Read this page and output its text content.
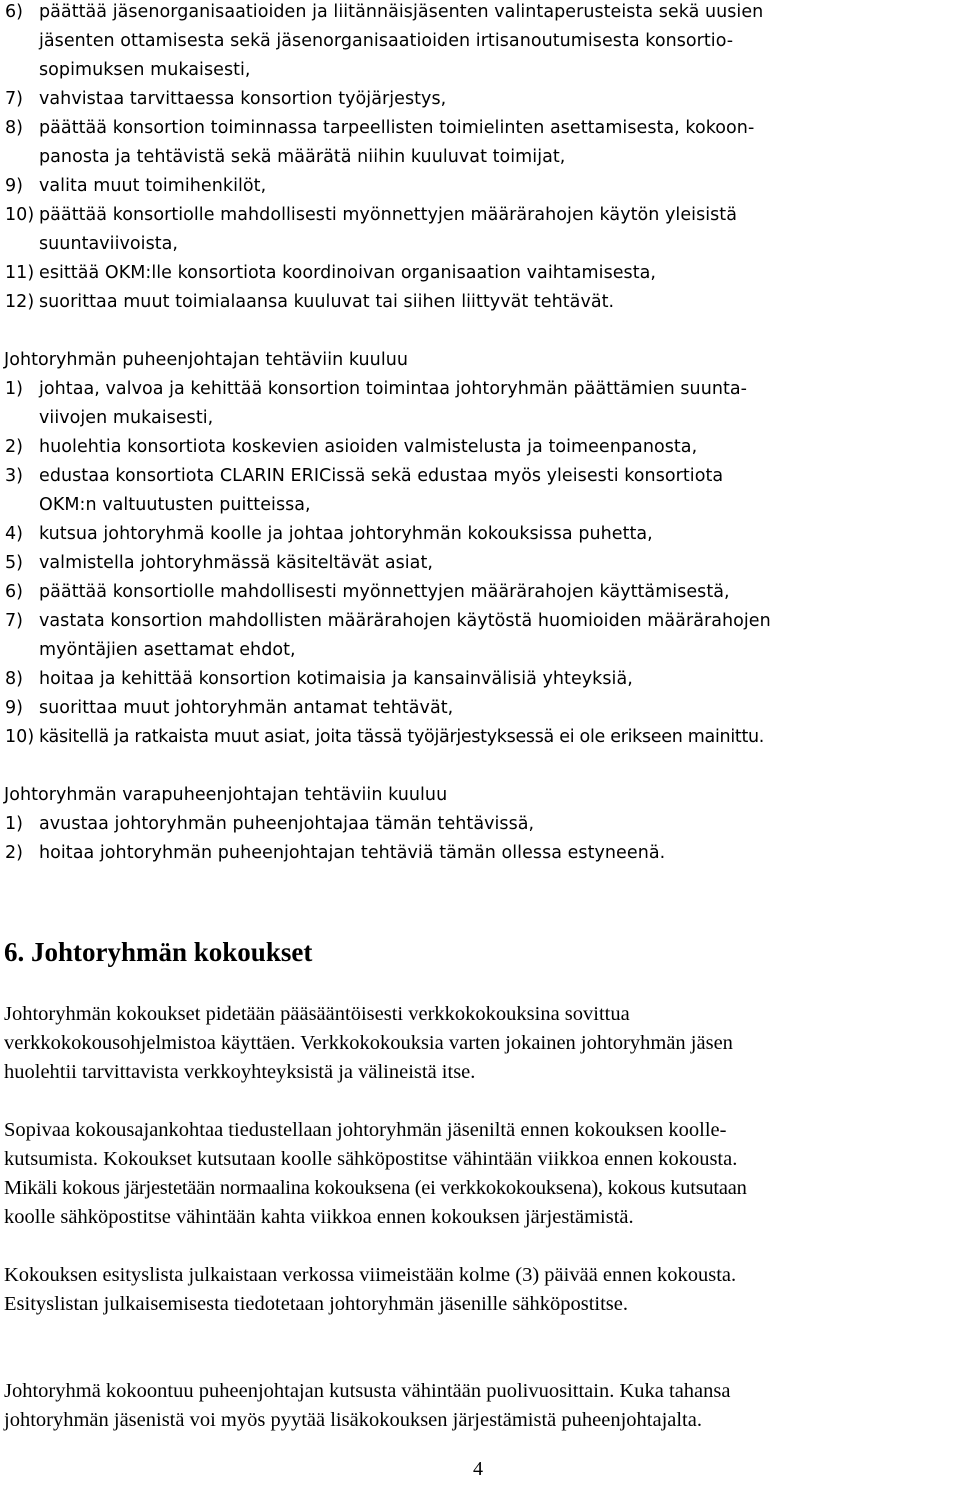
6) päättää jäsenorganisaatioiden ja liitännäisjäsenten valintaperusteista sekä uusien
jäsenten ottamisesta sekä jäsenorganisaatioiden irtisanoutumisesta konsortio-
sopimuksen mukaisesti,
7) vahvistaa tarvittaessa konsortion työjärjestys,
8) päättää konsortion toiminnassa tarpeellisten toimielinten asettamisesta, kokoon-
panosta ja tehtävistä sekä määrätä niihin kuuluvat toimijat,
9) valita muut toimihenkilöt,
10) päättää konsortiolle mahdollisesti myönnettyjen määrärahojen käytön yleisistä
suuntaviivoista,
11) esittää OKM:lle konsortiota koordinoivan organisaation vaihtamisesta,
12) suorittaa muut toimialaansa kuuluvat tai siihen liittyvät tehtävät.
Johtoryhmän puheenjohtajan tehtäviin kuuluu
1) johtaa, valvoa ja kehittää konsortion toimintaa johtoryhmän päättämien suunta-
viivojen mukaisesti,
2) huolehtia konsortiota koskevien asioiden valmistelusta ja toimeenpanosta,
3) edustaa konsortiota CLARIN ERICissä sekä edustaa myös yleisesti konsortiota
OKM:n valtuutusten puitteissa,
4) kutsua johtoryhmä koolle ja johtaa johtoryhmän kokouksissa puhetta,
5) valmistella johtoryhmässä käsiteltävät asiat,
6) päättää konsortiolle mahdollisesti myönnettyjen määrärahojen käyttämisestä,
7) vastata konsortion mahdollisten määrärahojen käytöstä huomioiden määrärahojen
myöntäjien asettamat ehdot,
8) hoitaa ja kehittää konsortion kotimaisia ja kansainvälisiä yhteyksiä,
9) suorittaa muut johtoryhmän antamat tehtävät,
10) käsitellä ja ratkaista muut asiat, joita tässä työjärjestyksessä ei ole erikseen mainittu.
Johtoryhmän varapuheenjohtajan tehtäviin kuuluu
1) avustaa johtoryhmän puheenjohtajaa tämän tehtävissä,
2) hoitaa johtoryhmän puheenjohtajan tehtäviä tämän ollessa estyneenä.
6. Johtoryhmän kokoukset
Johtoryhmän kokoukset pidetään pääsääntöisesti verkkokokouksina sovittua
verkkokokousohjelmistoa käyttäen. Verkkokokouksia varten jokainen johtoryhmän jäsen
huolehtii tarvittavista verkkoyhteyksistä ja välineistä itse.
Sopivaa kokousajankohtaa tiedustellaan johtoryhmän jäseniltä ennen kokouksen koolle-
kutsumista. Kokoukset kutsutaan koolle sähköpostitse vähintään viikkoa ennen kokousta.
Mikäli kokous järjestetään normaalina kokouksena (ei verkkokokouksena), kokous kutsutaan
koolle sähköpostitse vähintään kahta viikkoa ennen kokouksen järjestämistä.
Kokouksen esityslista julkaistaan verkossa viimeistään kolme (3) päivää ennen kokousta.
Esityslistan julkaisemisesta tiedotetaan johtoryhmän jäsenille sähköpostitse.
Johtoryhmä kokoontuu puheenjohtajan kutsusta vähintään puolivuosittain. Kuka tahansa
johtoryhmän jäsenistä voi myös pyytää lisäkokouksen järjestämistä puheenjohtajalta.
4
